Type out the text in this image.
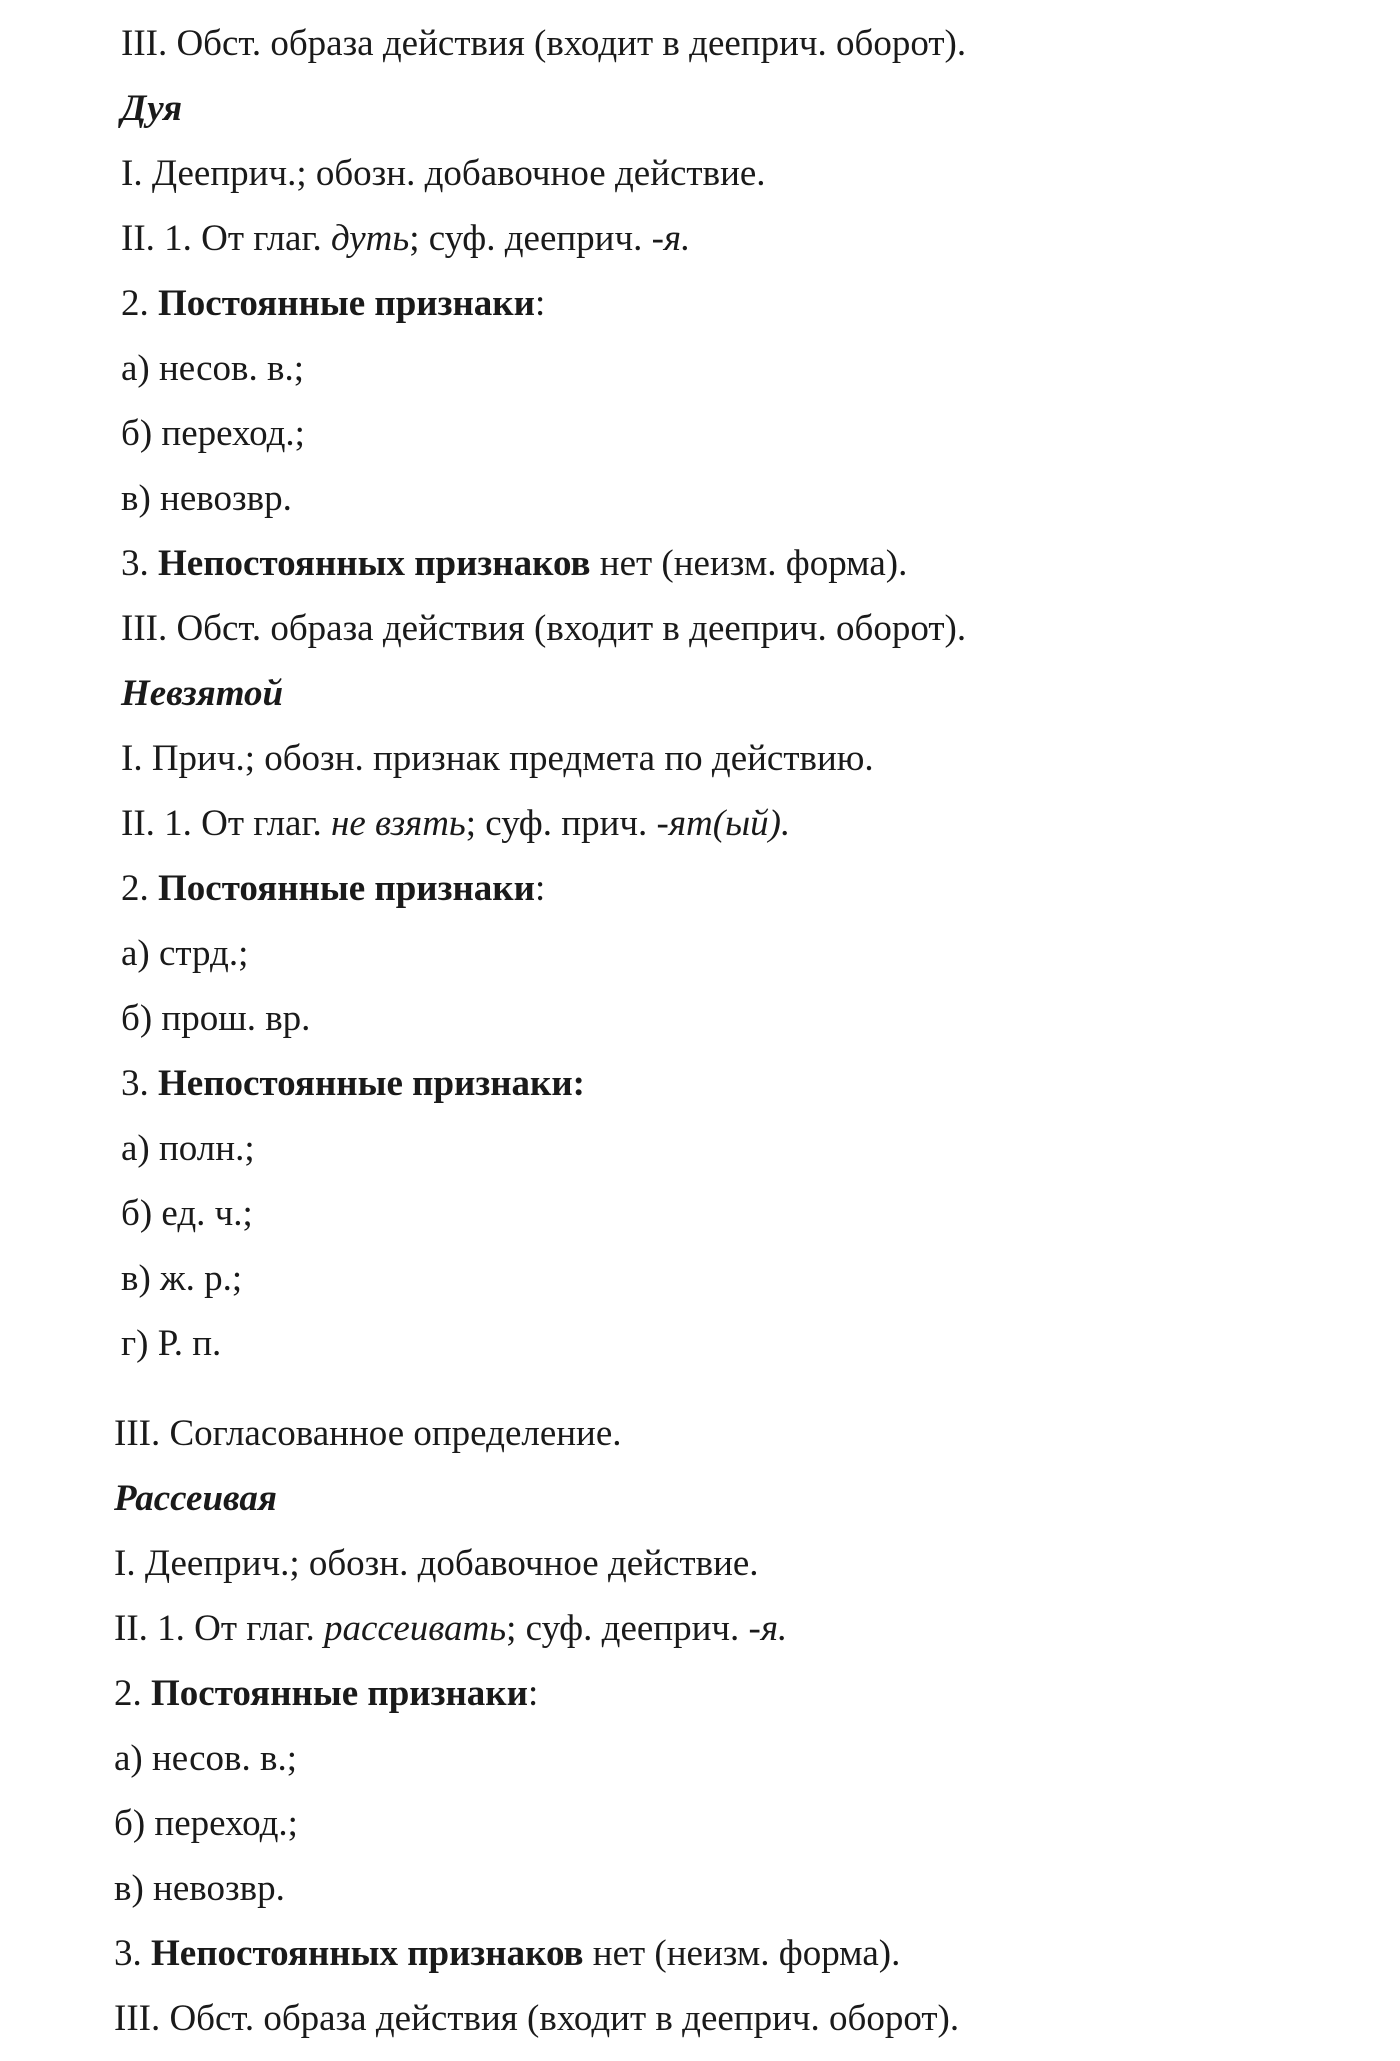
III. Обст. образа действия (входит в дееприч. оборот).
Дуя
I. Дееприч.; обозн. добавочное действие.
II. 1. От глаг. дуть; суф. дееприч. -я.
2. Постоянные признаки:
а) несов. в.;
б) переход.;
в) невозвр.
3. Непостоянных признаков нет (неизм. форма).
III. Обст. образа действия (входит в дееприч. оборот).
Невзятой
I. Прич.; обозн. признак предмета по действию.
II. 1. От глаг. не взять; суф. прич. -ят(ый).
2. Постоянные признаки:
а) стрд.;
б) прош. вр.
3. Непостоянные признаки:
а) полн.;
б) ед. ч.;
в) ж. р.;
г) Р. п.
III. Согласованное определение.
Рассеивая
I. Дееприч.; обозн. добавочное действие.
II. 1. От глаг. рассеивать; суф. дееприч. -я.
2. Постоянные признаки:
а) несов. в.;
б) переход.;
в) невозвр.
3. Непостоянных признаков нет (неизм. форма).
III. Обст. образа действия (входит в дееприч. оборот).
